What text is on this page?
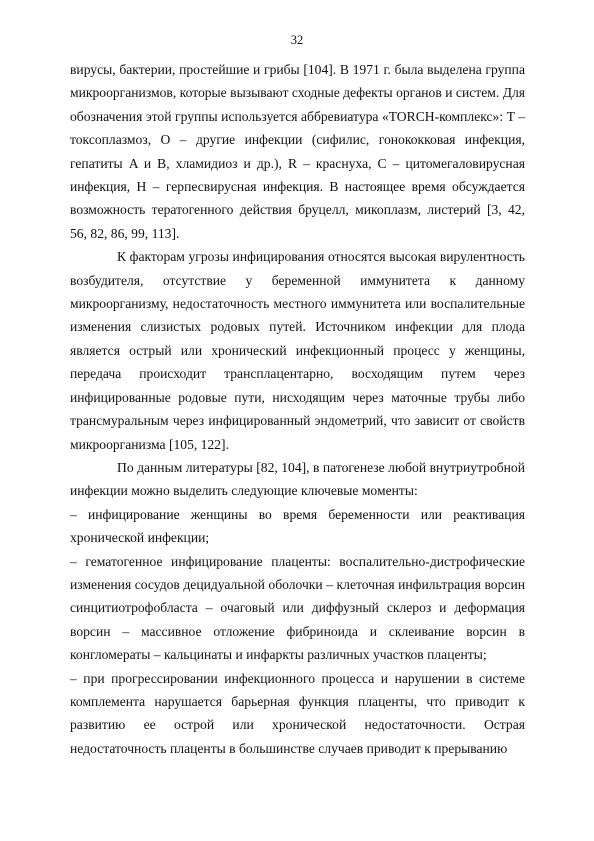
32

вирусы, бактерии, простейшие и грибы [104]. В 1971 г. была выделена группа микроорганизмов, которые вызывают сходные дефекты органов и систем. Для обозначения этой группы используется аббревиатура «TORCH-комплекс»: T – токсоплазмоз, O – другие инфекции (сифилис, гонококковая инфекция, гепатиты A и B, хламидиоз и др.), R – краснуха, C – цитомегаловирусная инфекция, H – герпесвирусная инфекция. В настоящее время обсуждается возможность тератогенного действия бруцелл, микоплазм, листерий [3, 42, 56, 82, 86, 99, 113].

К факторам угрозы инфицирования относятся высокая вирулентность возбудителя, отсутствие у беременной иммунитета к данному микроорганизму, недостаточность местного иммунитета или воспалительные изменения слизистых родовых путей. Источником инфекции для плода является острый или хронический инфекционный процесс у женщины, передача происходит трансплацентарно, восходящим путем через инфицированные родовые пути, нисходящим через маточные трубы либо трансмуральным через инфицированный эндометрий, что зависит от свойств микроорганизма [105, 122].

По данным литературы [82, 104], в патогенезе любой внутриутробной инфекции можно выделить следующие ключевые моменты:

– инфицирование женщины во время беременности или реактивация хронической инфекции;

– гематогенное инфицирование плаценты: воспалительно-дистрофические изменения сосудов децидуальной оболочки – клеточная инфильтрация ворсин синцитиотрофобласта – очаговый или диффузный склероз и деформация ворсин – массивное отложение фибриноида и склеивание ворсин в конгломераты – кальцинаты и инфаркты различных участков плаценты;

– при прогрессировании инфекционного процесса и нарушении в системе комплемента нарушается барьерная функция плаценты, что приводит к развитию ее острой или хронической недостаточности. Острая недостаточность плаценты в большинстве случаев приводит к прерыванию
